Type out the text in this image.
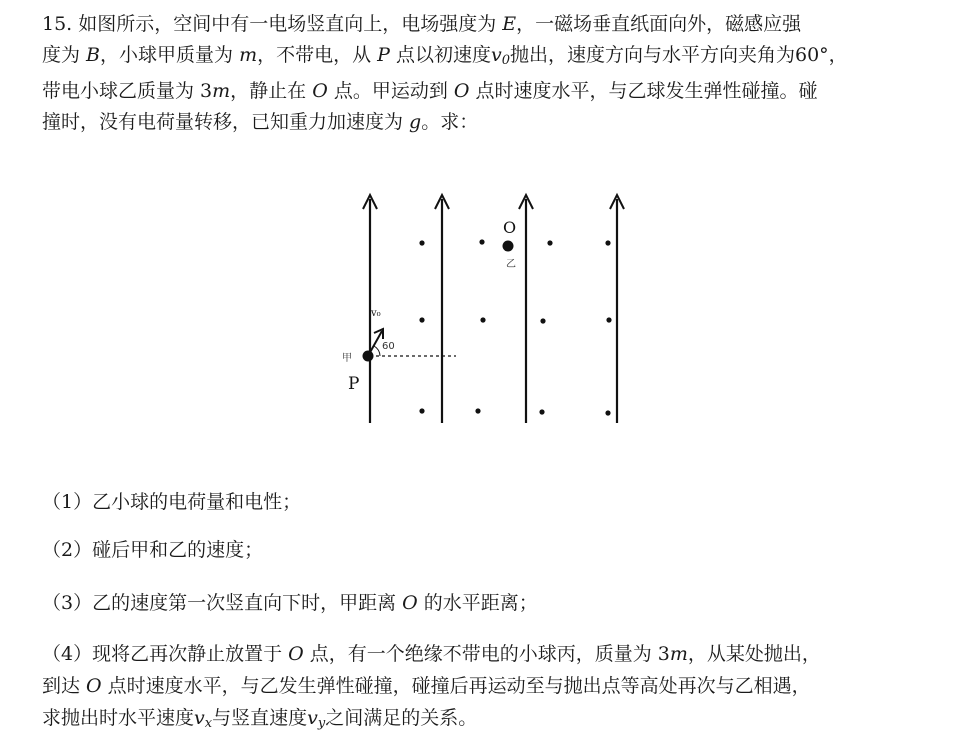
15. 如图所示，空间中有一电场竖直向上，电场强度为 E，一磁场垂直纸面向外，磁感应强
度为 B，小球甲质量为 m，不带电，从 P 点以初速度$v_0$抛出，速度方向与水平方向夹角为60°，
带电小球乙质量为 3m，静止在 O 点。甲运动到 O 点时速度水平，与乙球发生弹性碰撞。碰
撞时，没有电荷量转移，已知重力加速度为 g。求：
O
乙
甲
P
v₀
60
（1）乙小球的电荷量和电性；
（2）碰后甲和乙的速度；
（3）乙的速度第一次竖直向下时，甲距离 O 的水平距离；
（4）现将乙再次静止放置于 O 点，有一个绝缘不带电的小球丙，质量为 3m，从某处抛出，
到达 O 点时速度水平，与乙发生弹性碰撞，碰撞后再运动至与抛出点等高处再次与乙相遇，
求抛出时水平速度$v_x$与竖直速度$v_y$之间满足的关系。
